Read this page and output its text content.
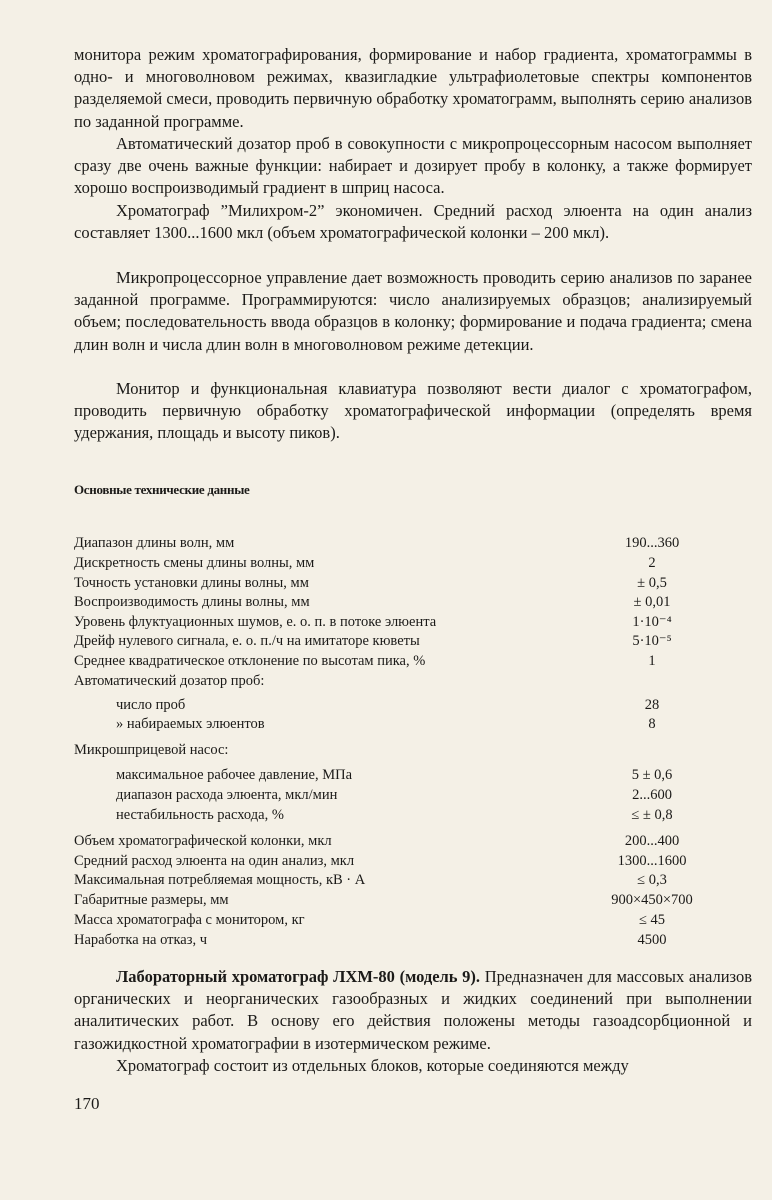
монитора режим хроматографирования, формирование и набор градиента, хроматограммы в одно- и многоволновом режимах, квазигладкие ультрафиолетовые спектры компонентов разделяемой смеси, проводить первичную обработку хроматограмм, выполнять серию анализов по заданной программе.

Автоматический дозатор проб в совокупности с микропроцессорным насосом выполняет сразу две очень важные функции: набирает и дозирует пробу в колонку, а также формирует хорошо воспроизводимый градиент в шприц насоса.

Хроматограф ”Милихром-2” экономичен. Средний расход элюента на один анализ составляет 1300...1600 мкл (объем хроматографической колонки – 200 мкл).

Микропроцессорное управление дает возможность проводить серию анализов по заранее заданной программе. Программируются: число анализируемых образцов; анализируемый объем; последовательность ввода образцов в колонку; формирование и подача градиента; смена длин волн и числа длин волн в многоволновом режиме детекции.

Монитор и функциональная клавиатура позволяют вести диалог с хроматографом, проводить первичную обработку хроматографической информации (определять время удержания, площадь и высоту пиков).

Основные технические данные

Диапазон длины волн, мм	190...360
Дискретность смены длины волны, мм	2
Точность установки длины волны, мм	± 0,5
Воспроизводимость длины волны, мм	± 0,01
Уровень флуктуационных шумов, е. о. п. в потоке элюента	1·10⁻⁴
Дрейф нулевого сигнала, е. о. п./ч на имитаторе кюветы	5·10⁻⁵
Среднее квадратическое отклонение по высотам пика, %	1
Автоматический дозатор проб:
число проб	28
» набираемых элюентов	8
Микрошприцевой насос:
максимальное рабочее давление, МПа	5 ± 0,6
диапазон расхода элюента, мкл/мин	2...600
нестабильность расхода, %	≤ ± 0,8
Объем хроматографической колонки, мкл	200...400
Средний расход элюента на один анализ, мкл	1300...1600
Максимальная потребляемая мощность, кВ · А	≤ 0,3
Габаритные размеры, мм	900×450×700
Масса хроматографа с монитором, кг	≤ 45
Наработка на отказ, ч	4500

Лабораторный хроматограф ЛХМ-80 (модель 9). Предназначен для массовых анализов органических и неорганических газообразных и жидких соединений при выполнении аналитических работ. В основу его действия положены методы газоадсорбционной и газожидкостной хроматографии в изотермическом режиме.

Хроматограф состоит из отдельных блоков, которые соединяются между

170
